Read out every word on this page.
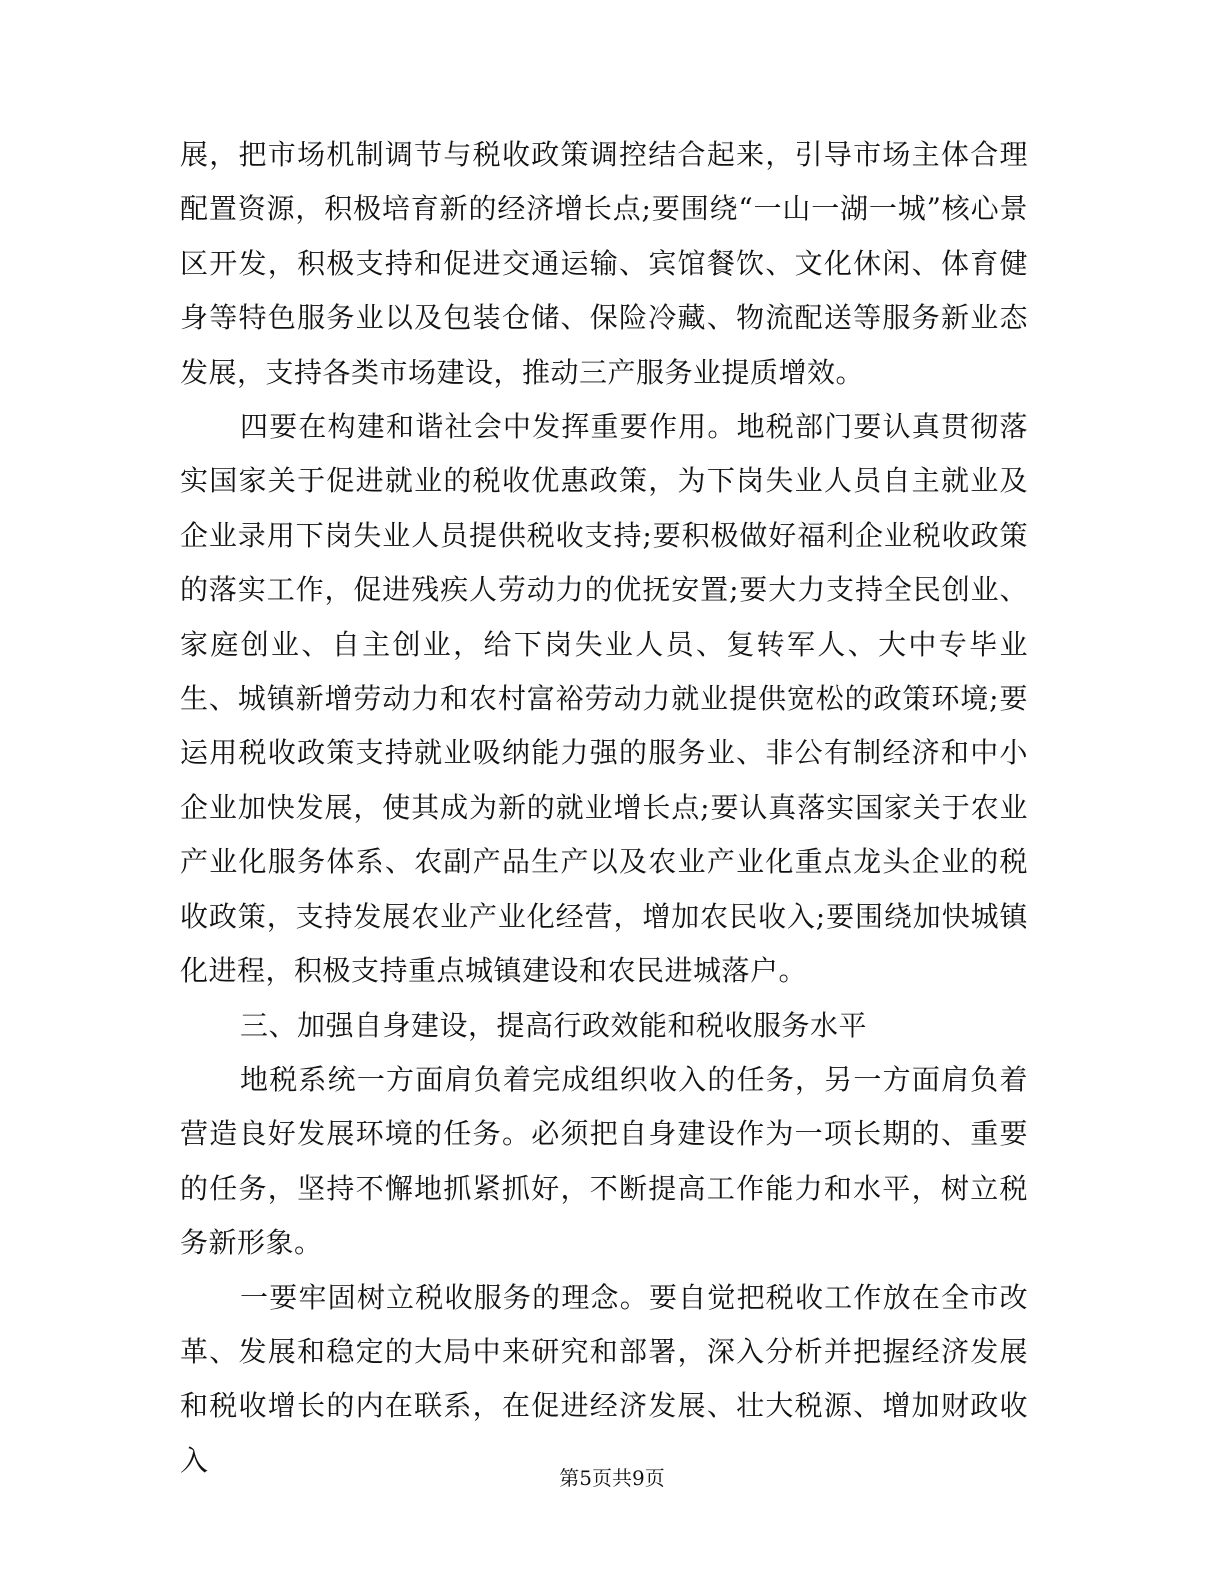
展，把市场机制调节与税收政策调控结合起来，引导市场主体合理配置资源，积极培育新的经济增长点;要围绕“一山一湖一城”核心景区开发，积极支持和促进交通运输、宾馆餐饮、文化休闲、体育健身等特色服务业以及包装仓储、保险冷藏、物流配送等服务新业态发展，支持各类市场建设，推动三产服务业提质增效。

四要在构建和谐社会中发挥重要作用。地税部门要认真贯彻落实国家关于促进就业的税收优惠政策，为下岗失业人员自主就业及企业录用下岗失业人员提供税收支持;要积极做好福利企业税收政策的落实工作，促进残疾人劳动力的优抚安置;要大力支持全民创业、家庭创业、自主创业，给下岗失业人员、复转军人、大中专毕业生、城镇新增劳动力和农村富裕劳动力就业提供宽松的政策环境;要运用税收政策支持就业吸纳能力强的服务业、非公有制经济和中小企业加快发展，使其成为新的就业增长点;要认真落实国家关于农业产业化服务体系、农副产品生产以及农业产业化重点龙头企业的税收政策，支持发展农业产业化经营，增加农民收入;要围绕加快城镇化进程，积极支持重点城镇建设和农民进城落户。

三、加强自身建设，提高行政效能和税收服务水平

地税系统一方面肩负着完成组织收入的任务，另一方面肩负着营造良好发展环境的任务。必须把自身建设作为一项长期的、重要的任务，坚持不懈地抓紧抓好，不断提高工作能力和水平，树立税务新形象。

一要牢固树立税收服务的理念。要自觉把税收工作放在全市改革、发展和稳定的大局中来研究和部署，深入分析并把握经济发展和税收增长的内在联系，在促进经济发展、壮大税源、增加财政收入

第5页共9页
